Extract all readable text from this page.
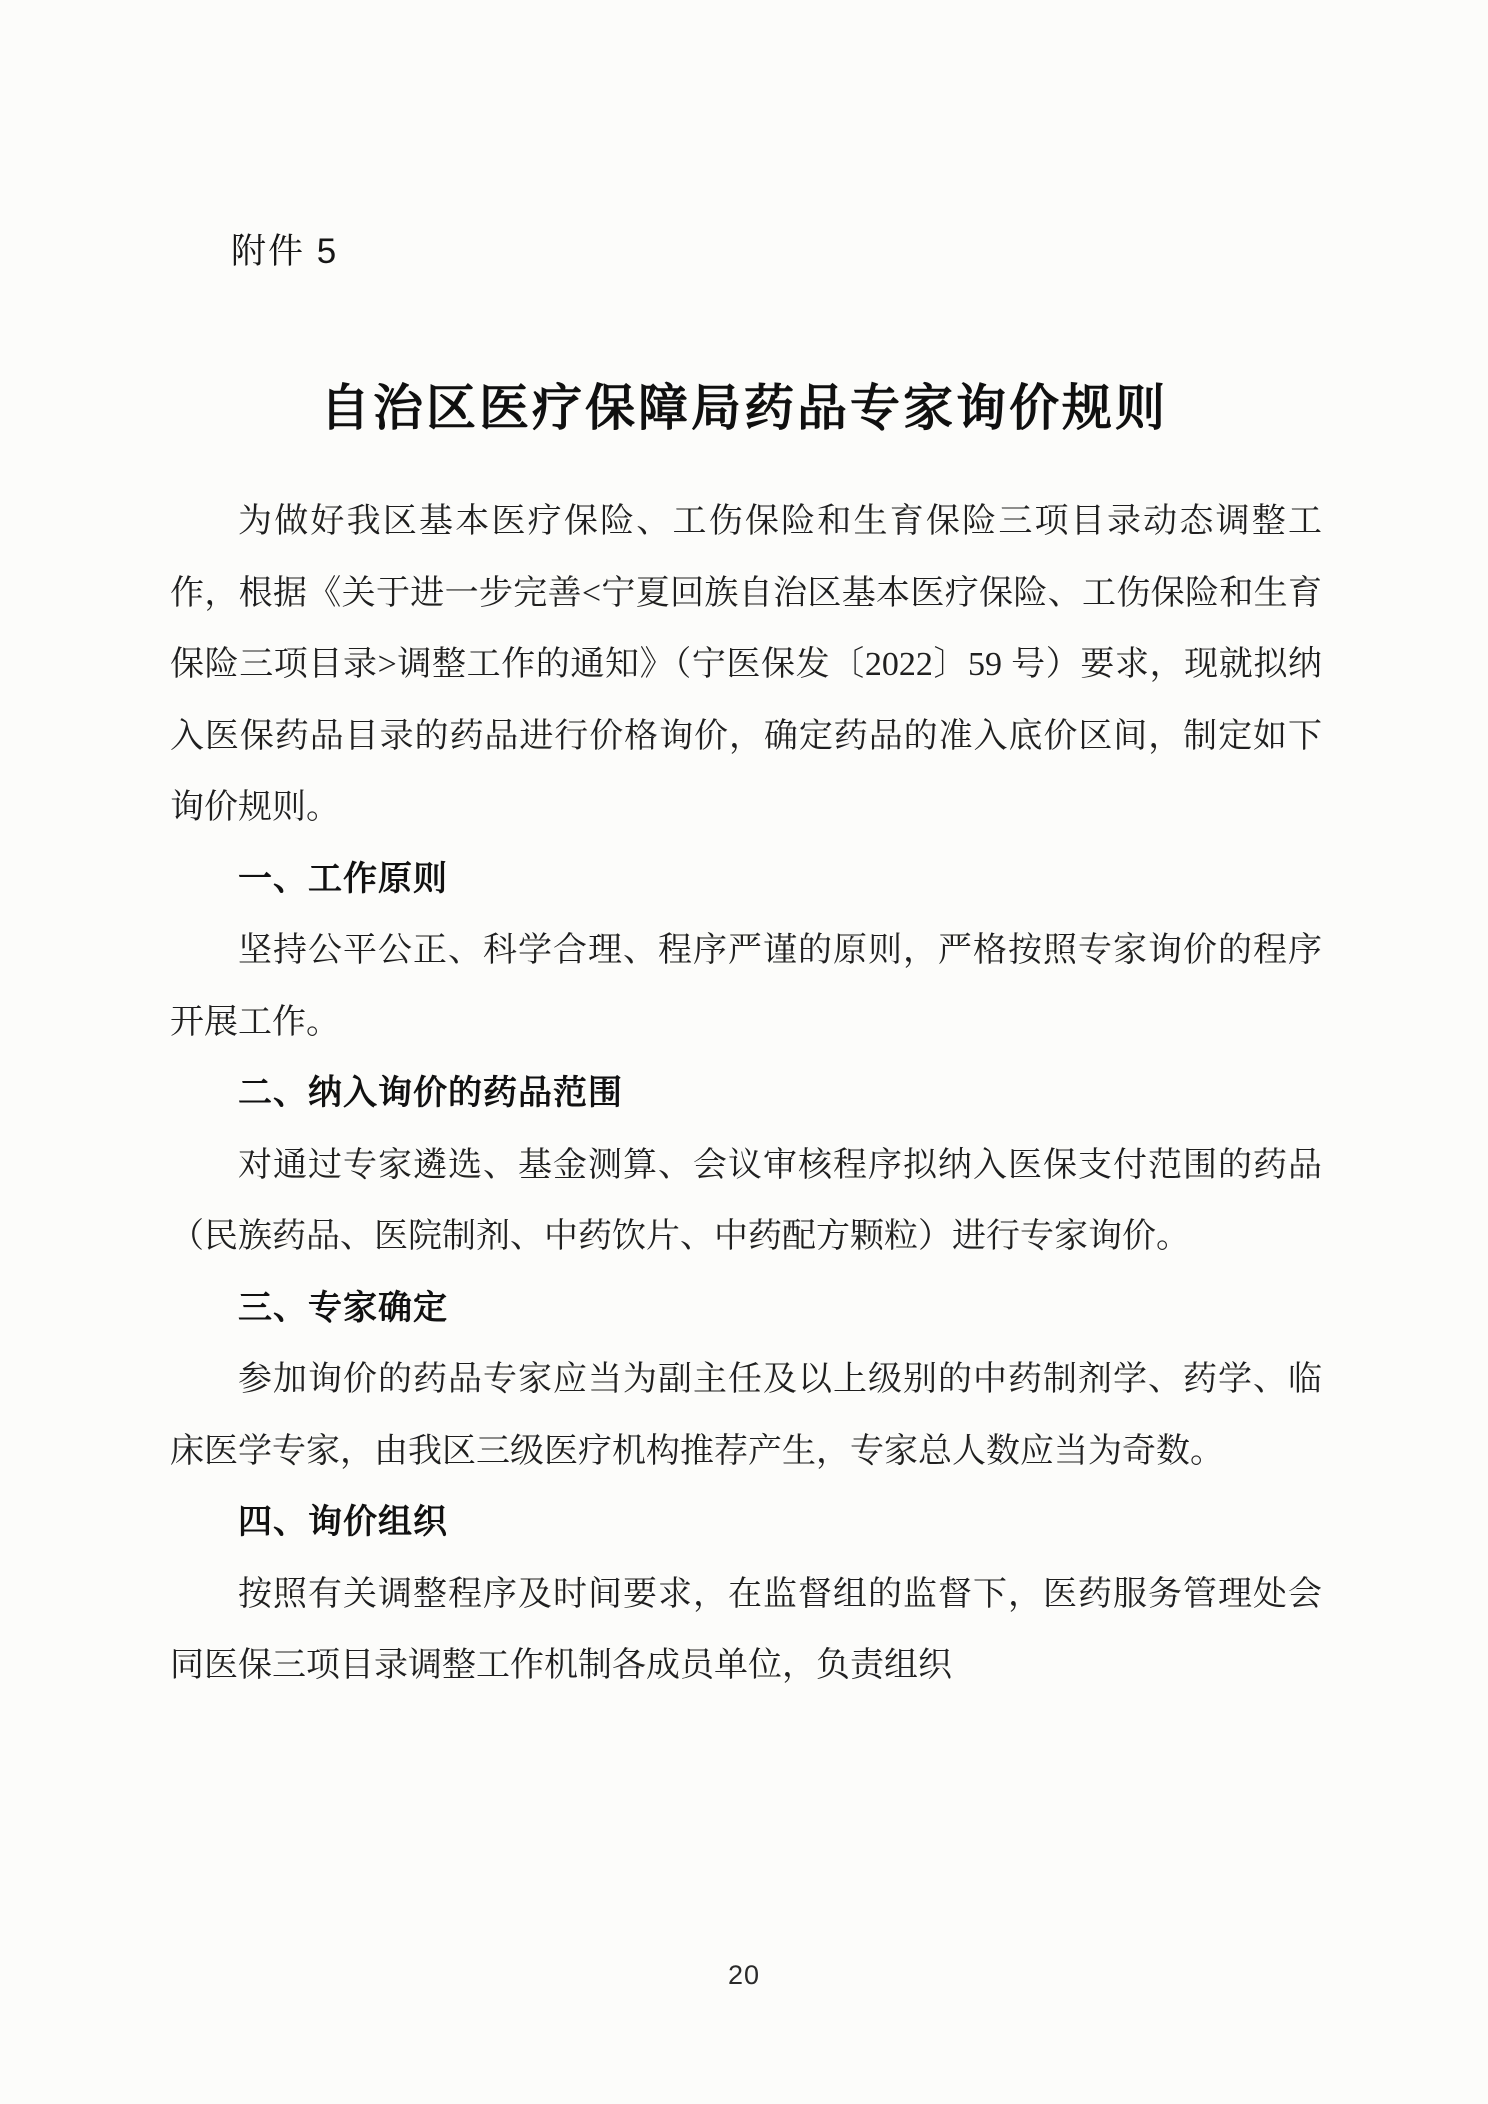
附件 5
自治区医疗保障局药品专家询价规则

为做好我区基本医疗保险、工伤保险和生育保险三项目录动态调整工作，根据《关于进一步完善<宁夏回族自治区基本医疗保险、工伤保险和生育保险三项目录>调整工作的通知》（宁医保发〔2022〕59 号）要求，现就拟纳入医保药品目录的药品进行价格询价，确定药品的准入底价区间，制定如下询价规则。

一、工作原则

坚持公平公正、科学合理、程序严谨的原则，严格按照专家询价的程序开展工作。

二、纳入询价的药品范围

对通过专家遴选、基金测算、会议审核程序拟纳入医保支付范围的药品（民族药品、医院制剂、中药饮片、中药配方颗粒）进行专家询价。

三、专家确定

参加询价的药品专家应当为副主任及以上级别的中药制剂学、药学、临床医学专家，由我区三级医疗机构推荐产生，专家总人数应当为奇数。

四、询价组织

按照有关调整程序及时间要求，在监督组的监督下，医药服务管理处会同医保三项目录调整工作机制各成员单位，负责组织

20
